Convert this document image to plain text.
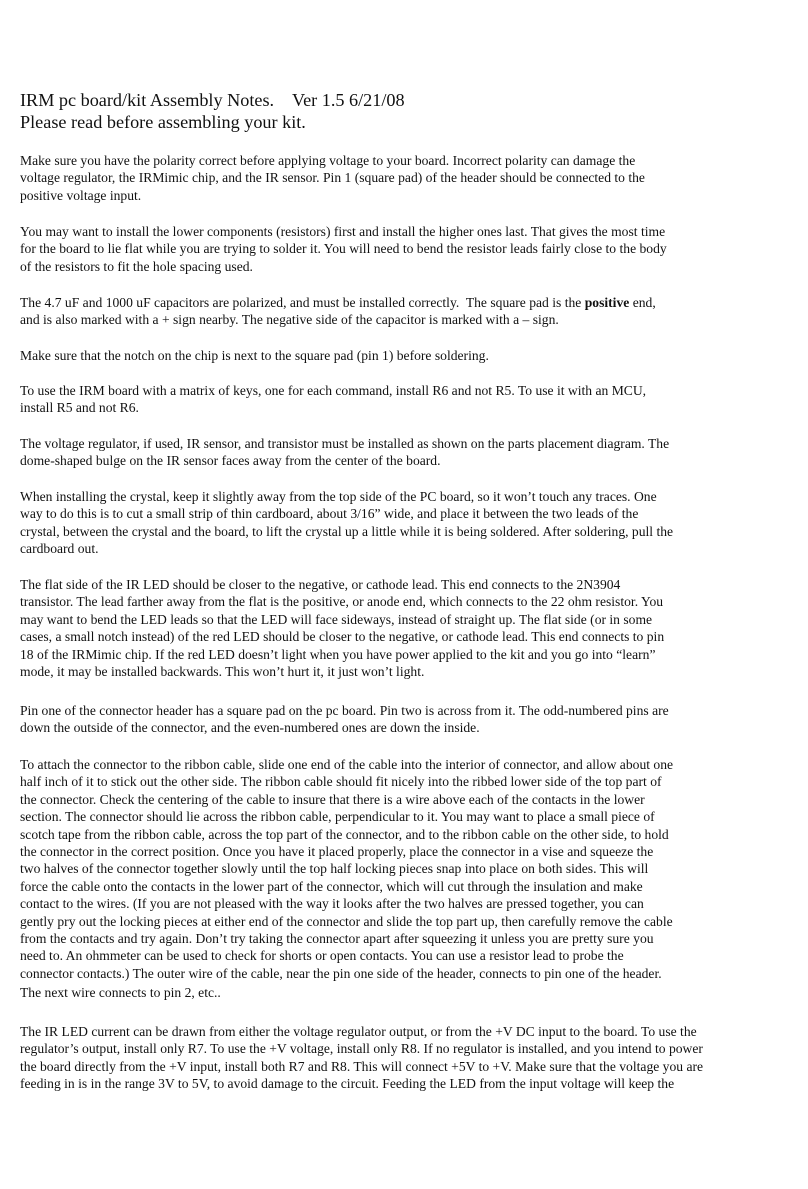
IRM pc board/kit Assembly Notes.    Ver 1.5 6/21/08
Please read before assembling your kit.
Make sure you have the polarity correct before applying voltage to your board. Incorrect polarity can damage the
voltage regulator, the IRMimic chip, and the IR sensor. Pin 1 (square pad) of the header should be connected to the
positive voltage input.
You may want to install the lower components (resistors) first and install the higher ones last. That gives the most time
for the board to lie flat while you are trying to solder it. You will need to bend the resistor leads fairly close to the body
of the resistors to fit the hole spacing used.
The 4.7 uF and 1000 uF capacitors are polarized, and must be installed correctly.  The square pad is the positive end,
and is also marked with a + sign nearby. The negative side of the capacitor is marked with a – sign.
Make sure that the notch on the chip is next to the square pad (pin 1) before soldering.
To use the IRM board with a matrix of keys, one for each command, install R6 and not R5. To use it with an MCU,
install R5 and not R6.
The voltage regulator, if used, IR sensor, and transistor must be installed as shown on the parts placement diagram. The
dome-shaped bulge on the IR sensor faces away from the center of the board.
When installing the crystal, keep it slightly away from the top side of the PC board, so it won’t touch any traces. One
way to do this is to cut a small strip of thin cardboard, about 3/16” wide, and place it between the two leads of the
crystal, between the crystal and the board, to lift the crystal up a little while it is being soldered. After soldering, pull the
cardboard out.
The flat side of the IR LED should be closer to the negative, or cathode lead. This end connects to the 2N3904
transistor. The lead farther away from the flat is the positive, or anode end, which connects to the 22 ohm resistor. You
may want to bend the LED leads so that the LED will face sideways, instead of straight up. The flat side (or in some
cases, a small notch instead) of the red LED should be closer to the negative, or cathode lead. This end connects to pin
18 of the IRMimic chip. If the red LED doesn’t light when you have power applied to the kit and you go into “learn”
mode, it may be installed backwards. This won’t hurt it, it just won’t light.
Pin one of the connector header has a square pad on the pc board. Pin two is across from it. The odd-numbered pins are
down the outside of the connector, and the even-numbered ones are down the inside.
To attach the connector to the ribbon cable, slide one end of the cable into the interior of connector, and allow about one
half inch of it to stick out the other side. The ribbon cable should fit nicely into the ribbed lower side of the top part of
the connector. Check the centering of the cable to insure that there is a wire above each of the contacts in the lower
section. The connector should lie across the ribbon cable, perpendicular to it. You may want to place a small piece of
scotch tape from the ribbon cable, across the top part of the connector, and to the ribbon cable on the other side, to hold
the connector in the correct position. Once you have it placed properly, place the connector in a vise and squeeze the
two halves of the connector together slowly until the top half locking pieces snap into place on both sides. This will
force the cable onto the contacts in the lower part of the connector, which will cut through the insulation and make
contact to the wires. (If you are not pleased with the way it looks after the two halves are pressed together, you can
gently pry out the locking pieces at either end of the connector and slide the top part up, then carefully remove the cable
from the contacts and try again. Don’t try taking the connector apart after squeezing it unless you are pretty sure you
need to. An ohmmeter can be used to check for shorts or open contacts. You can use a resistor lead to probe the
connector contacts.) The outer wire of the cable, near the pin one side of the header, connects to pin one of the header.
The next wire connects to pin 2, etc..
The IR LED current can be drawn from either the voltage regulator output, or from the +V DC input to the board. To use the
regulator’s output, install only R7. To use the +V voltage, install only R8. If no regulator is installed, and you intend to power
the board directly from the +V input, install both R7 and R8. This will connect +5V to +V. Make sure that the voltage you are
feeding in is in the range 3V to 5V, to avoid damage to the circuit. Feeding the LED from the input voltage will keep the
